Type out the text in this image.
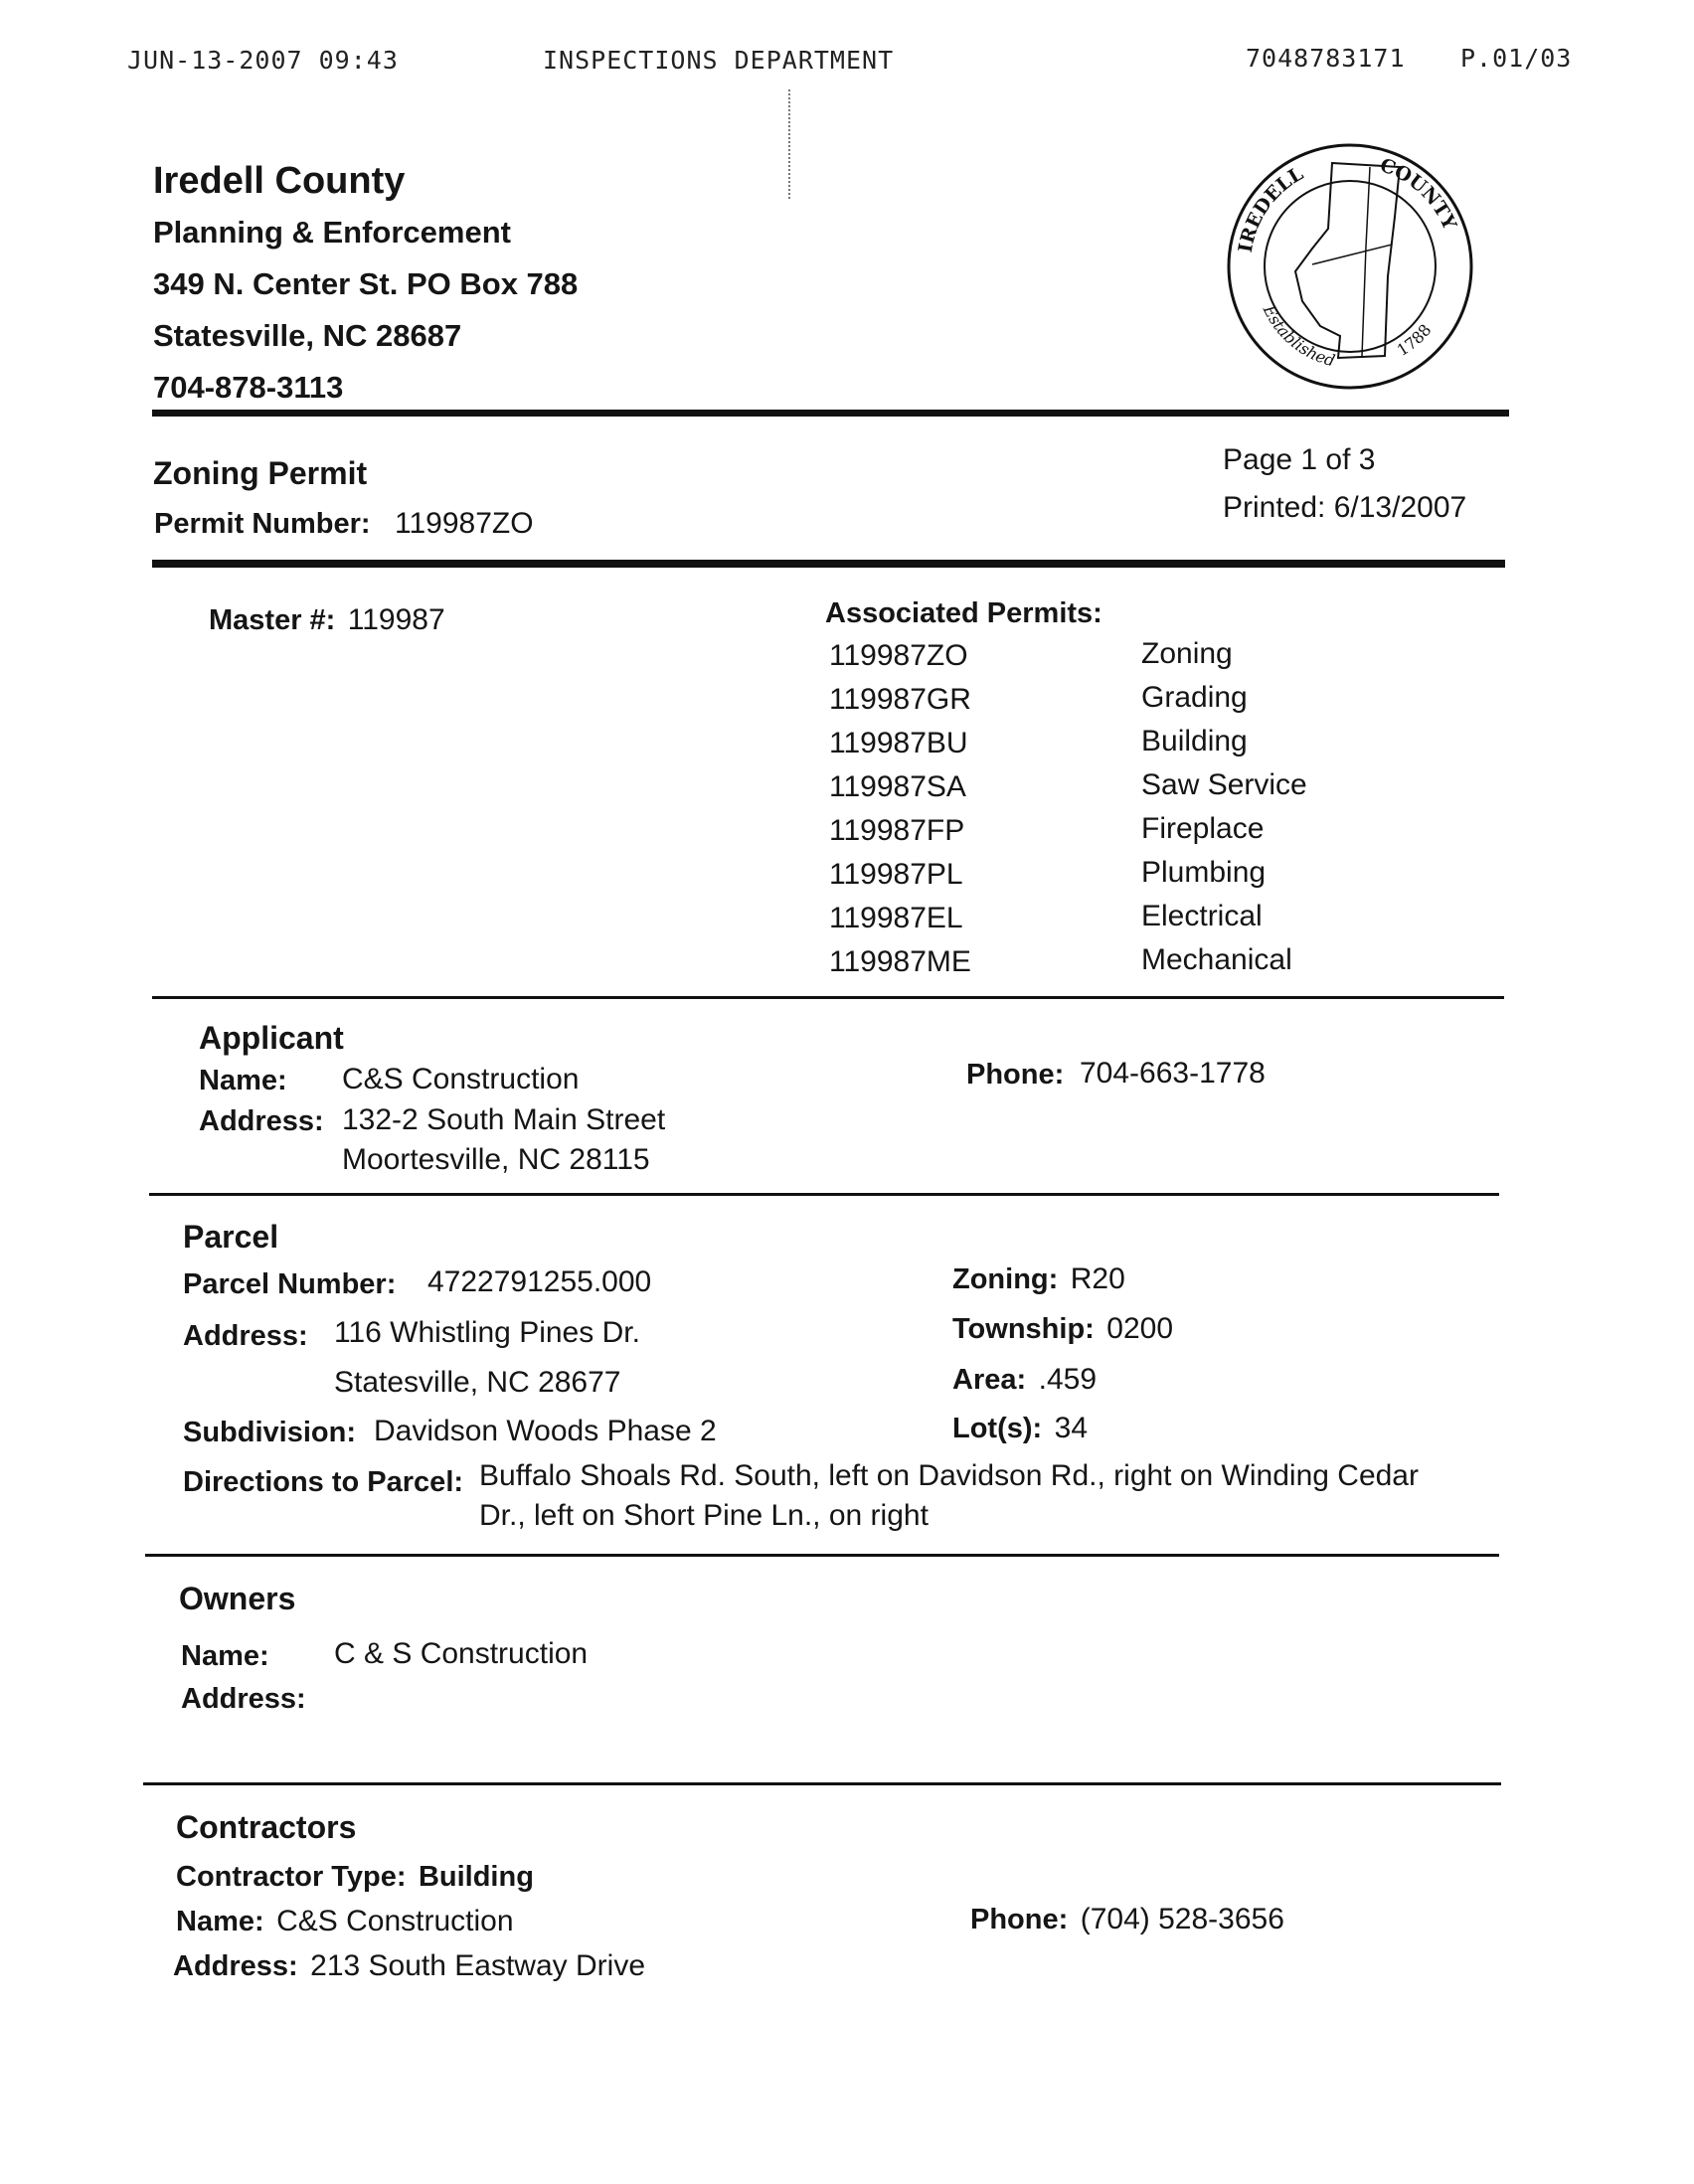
JUN-13-2007 09:43	INSPECTIONS DEPARTMENT	7048783171 P.01/03
Iredell County
Planning & Enforcement
349 N. Center St. PO Box 788
Statesville, NC 28687
704-878-3113
IREDELL	COUNTY
Established	1788
Zoning Permit
Permit Number: 119987ZO
Page 1 of 3
Printed: 6/13/2007
Master #: 119987	Associated Permits:
119987ZO	Zoning
119987GR	Grading
119987BU	Building
119987SA	Saw Service
119987FP	Fireplace
119987PL	Plumbing
119987EL	Electrical
119987ME	Mechanical
Applicant
Name: C&S Construction
Address: 132-2 South Main Street
Moortesville, NC 28115
Phone: 704-663-1778
Parcel
Parcel Number: 4722791255.000
Address: 116 Whistling Pines Dr.
Statesville, NC 28677
Subdivision: Davidson Woods Phase 2
Zoning: R20
Township: 0200
Area: .459
Lot(s): 34
Directions to Parcel: Buffalo Shoals Rd. South, left on Davidson Rd., right on Winding Cedar
Dr., left on Short Pine Ln., on right
Owners
Name: C & S Construction
Address:
Contractors
Contractor Type: Building
Name: C&S Construction
Address: 213 South Eastway Drive
Phone: (704) 528-3656
